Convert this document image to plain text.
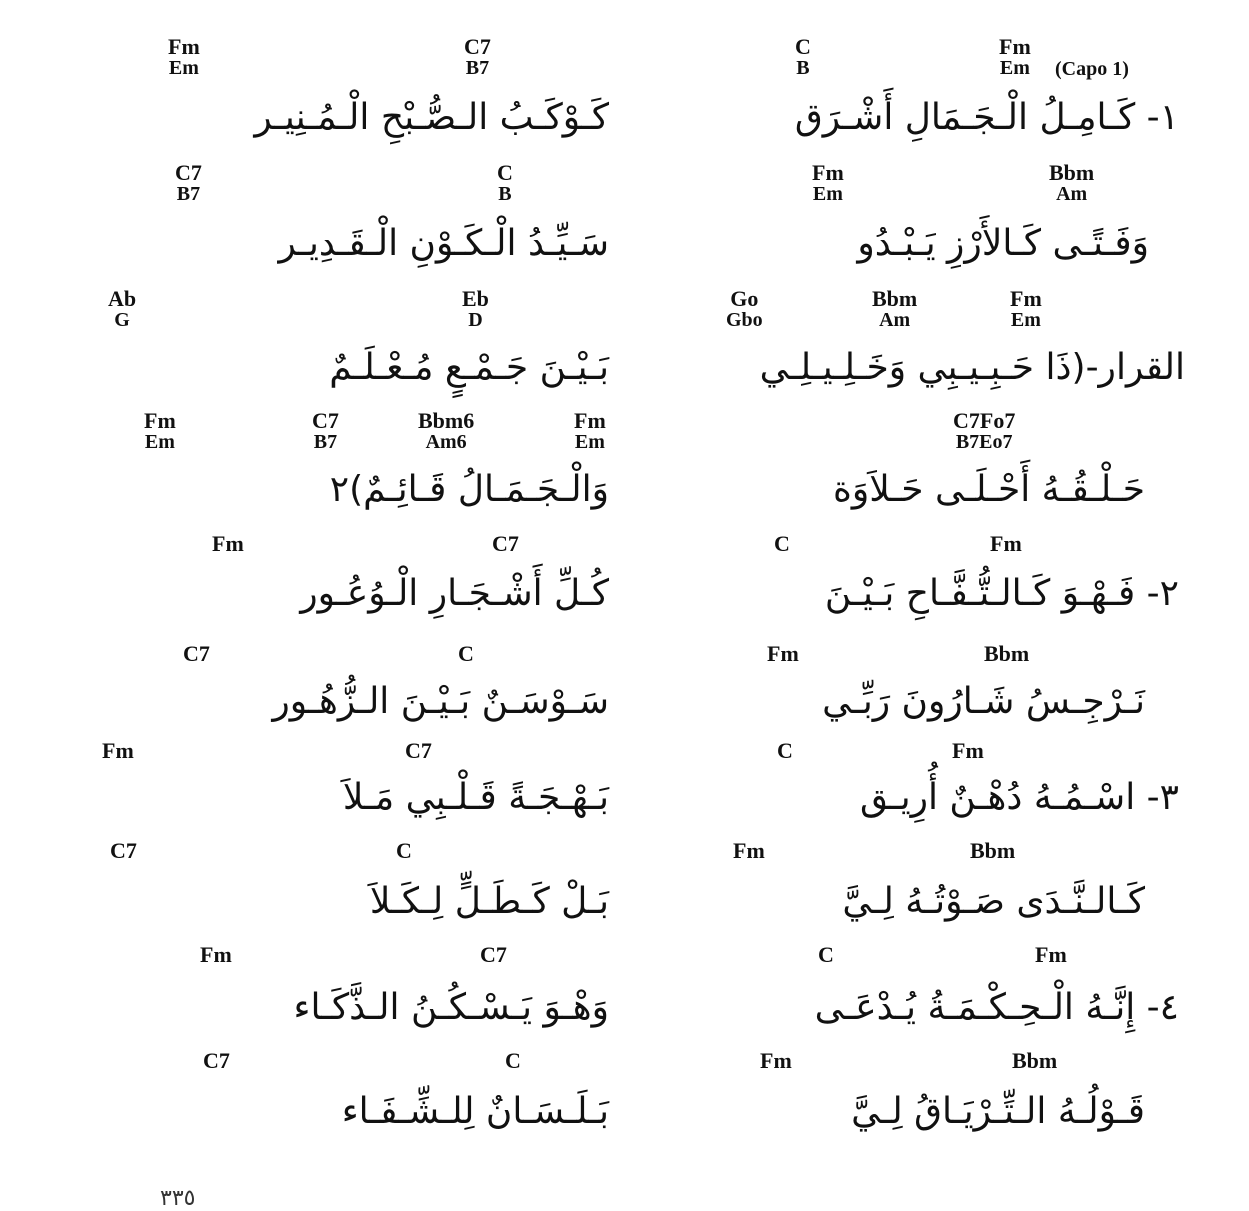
Fm
Em
C7
B7
C
B
Fm
Em (Capo 1)
١- كَـامِـلُ الْـجَـمَالِ أَشْـرَق
كَـوْكَـبُ الـصُّـبْحِ الْـمُـنِيـر
C7
B7
C
B
Fm
Em
Bbm
Am
وَفَـتًـى كَـالأَرْزِ يَـبْـدُو
سَـيِّـدُ الْـكَـوْنِ الْـقَـدِيـر
Ab
G
Eb
D
Go
Gbo
Bbm
Am
Fm
Em
القرار-(ذَا حَـبِـيـبِي وَخَـلِـيـلِـي
بَـيْـنَ جَـمْـعٍ مُـعْـلَـمٌ
Fm
Em
C7
B7
Bbm6
Am6
Fm
Em
C7Fo7
B7Eo7
حَـلْـقُـهُ أَحْـلَـى حَـلاَوَة
وَالْـجَـمَـالُ قَـائِـمٌ)٢
Fm	C7	C	Fm
٢- فَـهْـوَ كَـالـتُّـفَّـاحِ بَـيْـنَ
كُـلِّ أَشْـجَـارِ الْـوُعُـور
C7	C	Fm	Bbm
نَـرْجِـسُ شَـارُونَ رَبِّـي
سَـوْسَـنٌ بَـيْـنَ الـزُّهُـور
Fm	C7	C	Fm
٣- اسْـمُـهُ دُهْـنٌ أُرِيـق
بَـهْـجَـةً قَـلْـبِي مَـلاَ
C7	C	Fm	Bbm
كَـالـنَّـدَى صَـوْتُـهُ لِـيَّ
بَـلْ كَـطَـلٍّ لِـكَـلاَ
Fm	C7	C	Fm
٤- إِنَّـهُ الْـحِـكْـمَـةُ يُـدْعَـى
وَهْـوَ يَـسْـكُـنُ الـذَّكَـاء
C7	C	Fm	Bbm
قَـوْلُـهُ الـتِّـرْيَـاقُ لِـيَّ
بَـلَـسَـانٌ لِلـشِّـفَـاء
٣٣٥
